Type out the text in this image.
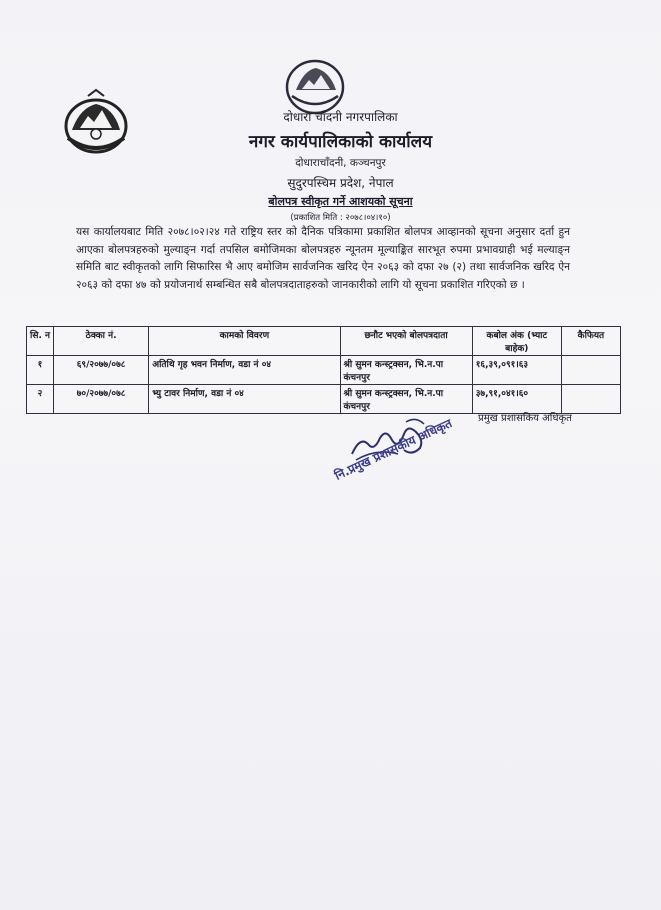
दोधारा चाँदनी नगरपालिका
नगर कार्यपालिकाको कार्यालय
दोधाराचाँदनी, कञ्चनपुर
सुदुरपस्चिम प्रदेश, नेपाल
बोलपत्र स्वीकृत गर्ने आशयको सूचना
(प्रकाशित मिति : २०७८।०४।१०)
यस कार्यालयबाट मिति २०७८।०२।२४ गते राष्ट्रिय स्तर को दैनिक पत्रिकामा प्रकाशित बोलपत्र आव्हानको सूचना अनुसार दर्ता हुन आएका बोलपत्रहरुको मुल्याङ्न गर्दा तपसिल बमोजिमका बोलपत्रहरु न्यूनतम मूल्याङ्कित सारभूत रुपमा प्रभावग्राही भई मल्याङ्न समिति बाट स्वीकृतको लागि सिफारिस भै आए बमोजिम सार्वजनिक खरिद ऐन २०६३ को दफा २७ (२) तथा सार्वजनिक खरिद ऐन २०६३ को दफा ४७ को प्रयोजनार्थ सम्बन्धित सबै बोलपत्रदाताहरुको जानकारीको लागि यो सूचना प्रकाशित गरिएको छ ।
सि. न	ठेक्का नं.	कामको विवरण	छनौट भएको बोलपत्रदाता	कबोल अंक (भ्याट बाहेक)	कैफियत
१	६९/२०७७/०७८	अतिथि गृह भवन निर्माण, वडा नं ०४	श्री सुमन कन्स्ट्रक्सन, भि.न.पा कंचनपुर	१६,३९,०९१।६३	
२	७०/२०७७/०७८	भ्यु टावर निर्माण, वडा नं ०४	श्री सुमन कन्स्ट्रक्सन, भि.न.पा कंचनपुर	३७,९१,०४१।६०	
प्रमुख प्रशासकिय अधिकृत
नि.प्रमुख प्रशासकीय अधिकृत
